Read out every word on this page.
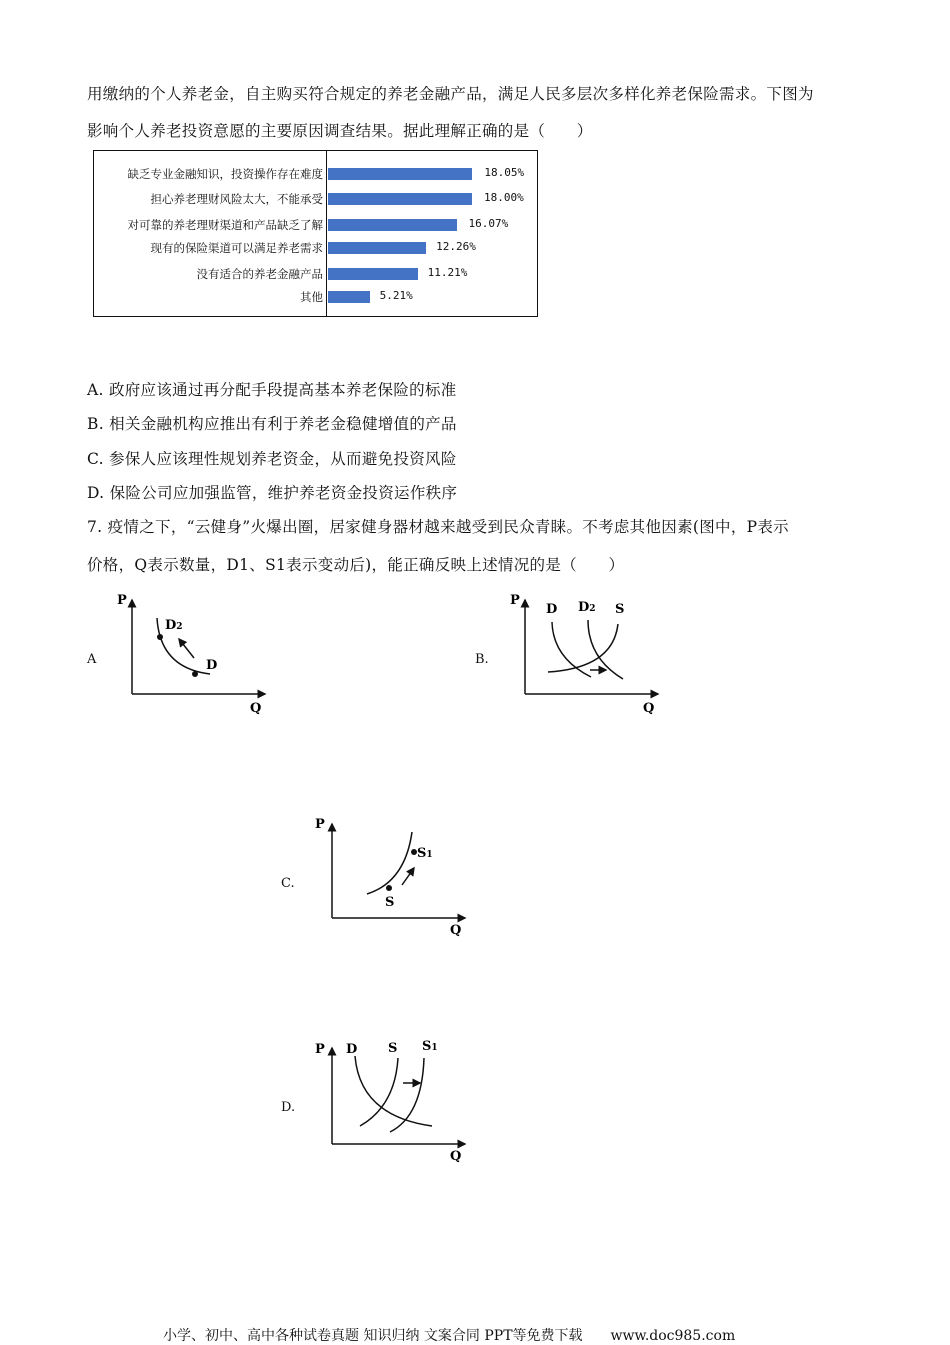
用缴纳的个人养老金，自主购买符合规定的养老金融产品，满足人民多层次多样化养老保险需求。下图为
影响个人养老投资意愿的主要原因调查结果。据此理解正确的是（　　）
缺乏专业金融知识，投资操作存在难度	18.05%
担心养老理财风险太大，不能承受	18.00%
对可靠的养老理财渠道和产品缺乏了解	16.07%
现有的保险渠道可以满足养老需求	12.26%
没有适合的养老金融产品	11.21%
其他	5.21%
A. 政府应该通过再分配手段提高基本养老保险的标准
B. 相关金融机构应推出有利于养老金稳健增值的产品
C. 参保人应该理性规划养老资金，从而避免投资风险
D. 保险公司应加强监管，维护养老资金投资运作秩序
7. 疫情之下，“云健身”火爆出圈，居家健身器材越来越受到民众青睐。不考虑其他因素(图中，P表示
价格，Q表示数量，D1、S1表示变动后)，能正确反映上述情况的是（　　）
A
P
Q
D2
D	B.
P
Q
D D2 S
C.
P
Q
S1
S
D.
P D S S1
Q
小学、初中、高中各种试卷真题 知识归纳 文案合同 PPT等免费下载　　www.doc985.com
